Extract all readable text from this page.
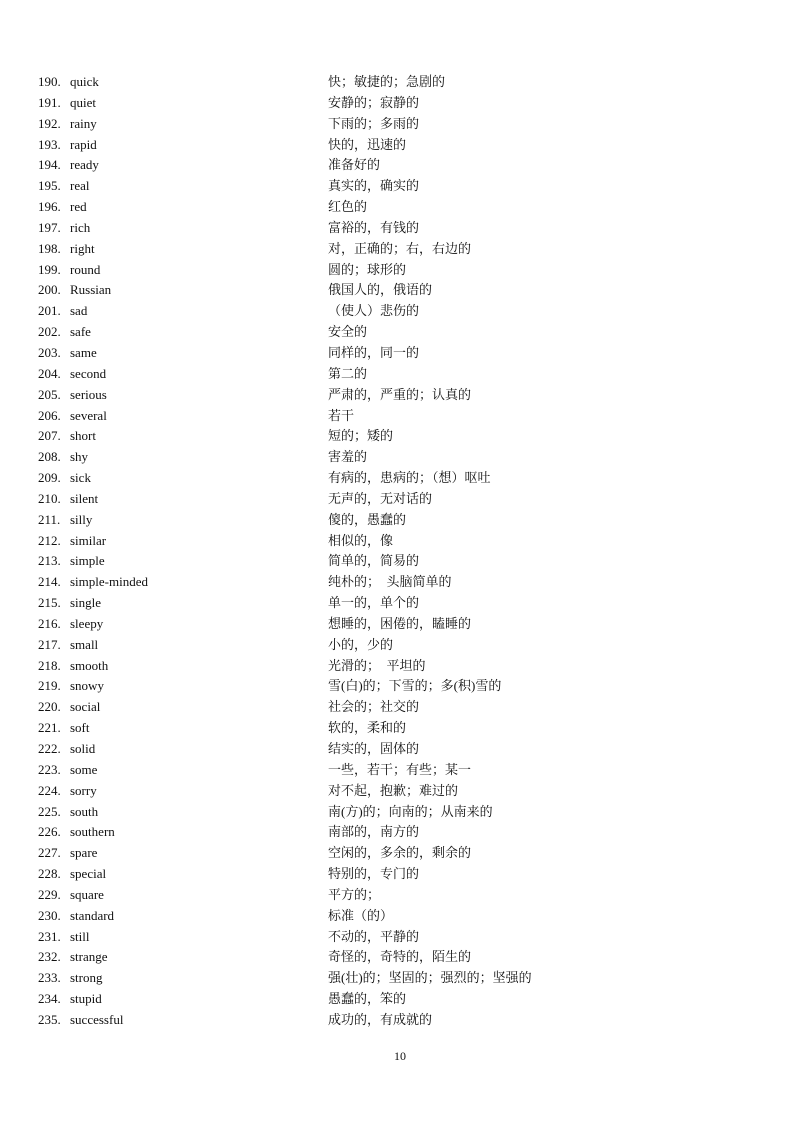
190. quick	快；敏捷的；急剧的
191. quiet	安静的；寂静的
192. rainy	下雨的；多雨的
193. rapid	快的，迅速的
194. ready	准备好的
195. real	真实的，确实的
196. red	红色的
197. rich	富裕的，有钱的
198. right	对，正确的；右，右边的
199. round	圆的；球形的
200. Russian	俄国人的，俄语的
201. sad	（使人）悲伤的
202. safe	安全的
203. same	同样的，同一的
204. second	第二的
205. serious	严肃的，严重的；认真的
206. several	若干
207. short	短的；矮的
208. shy	害羞的
209. sick	有病的，患病的；（想）呕吐
210. silent	无声的，无对话的
211. silly	傻的，愚蠢的
212. similar	相似的，像
213. simple	简单的，简易的
214. simple-minded	纯朴的；　头脑简单的
215. single	单一的，单个的
216. sleepy	想睡的，困倦的，瞌睡的
217. small	小的，少的
218. smooth	光滑的；　平坦的
219. snowy	雪(白)的；下雪的；多(积)雪的
220. social	社会的；社交的
221. soft	软的，柔和的
222. solid	结实的，固体的
223. some	一些，若干；有些；某一
224. sorry	对不起，抱歉；难过的
225. south	南(方)的；向南的；从南来的
226. southern	南部的，南方的
227. spare	空闲的，多余的，剩余的
228. special	特别的，专门的
229. square	平方的；
230. standard	标准（的）
231. still	不动的，平静的
232. strange	奇怪的，奇特的，陌生的
233. strong	强(壮)的；坚固的；强烈的；坚强的
234. stupid	愚蠢的，笨的
235. successful	成功的，有成就的
10
